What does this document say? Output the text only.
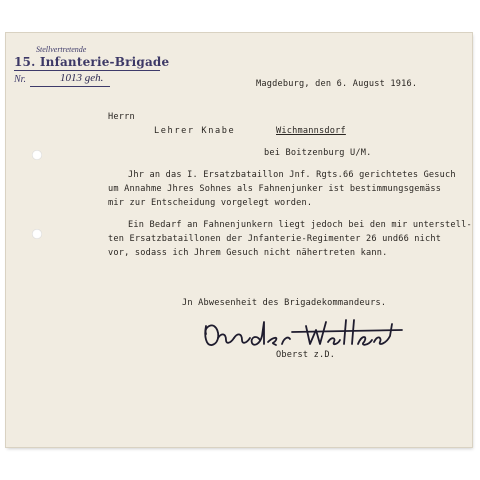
Stellvertretende
15. Infanterie-Brigade
Nr.	1013 geh.	Magdeburg, den 6. August 1916.
Herrn
Lehrer Knabe	Wichmannsdorf
bei Boitzenburg U/M.
Jhr an das I. Ersatzbataillon Jnf. Rgts.66 gerichtetes Gesuch
um Annahme Jhres Sohnes als Fahnenjunker ist bestimmungsgemäss
mir zur Entscheidung vorgelegt worden.
Ein Bedarf an Fahnenjunkern liegt jedoch bei den mir unterstell-
ten Ersatzbataillonen der Jnfanterie-Regimenter 26 und66 nicht
vor, sodass ich Jhrem Gesuch nicht nähertreten kann.
Jn Abwesenheit des Brigadekommandeurs.
Oberst z.D.
